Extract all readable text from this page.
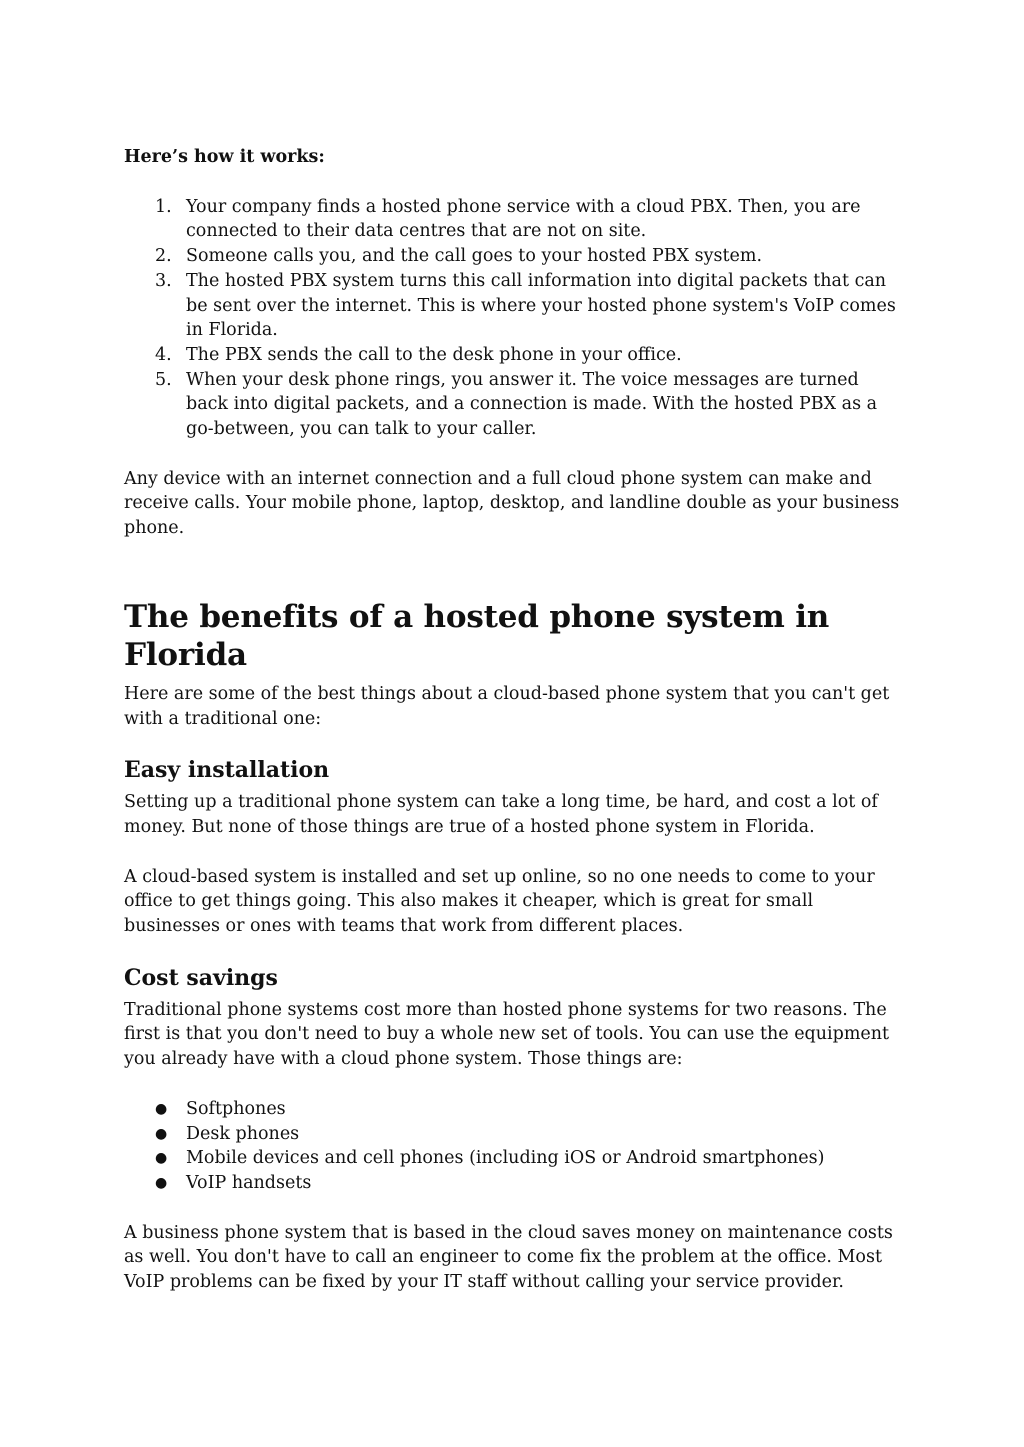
Here’s how it works:

1. Your company finds a hosted phone service with a cloud PBX. Then, you are connected to their data centres that are not on site.
2. Someone calls you, and the call goes to your hosted PBX system.
3. The hosted PBX system turns this call information into digital packets that can be sent over the internet. This is where your hosted phone system's VoIP comes in Florida.
4. The PBX sends the call to the desk phone in your office.
5. When your desk phone rings, you answer it. The voice messages are turned back into digital packets, and a connection is made. With the hosted PBX as a go-between, you can talk to your caller.

Any device with an internet connection and a full cloud phone system can make and receive calls. Your mobile phone, laptop, desktop, and landline double as your business phone.

The benefits of a hosted phone system in Florida

Here are some of the best things about a cloud-based phone system that you can't get with a traditional one:

Easy installation

Setting up a traditional phone system can take a long time, be hard, and cost a lot of money. But none of those things are true of a hosted phone system in Florida.

A cloud-based system is installed and set up online, so no one needs to come to your office to get things going. This also makes it cheaper, which is great for small businesses or ones with teams that work from different places.

Cost savings

Traditional phone systems cost more than hosted phone systems for two reasons. The first is that you don't need to buy a whole new set of tools. You can use the equipment you already have with a cloud phone system. Those things are:

● Softphones
● Desk phones
● Mobile devices and cell phones (including iOS or Android smartphones)
● VoIP handsets

A business phone system that is based in the cloud saves money on maintenance costs as well. You don't have to call an engineer to come fix the problem at the office. Most VoIP problems can be fixed by your IT staff without calling your service provider.
